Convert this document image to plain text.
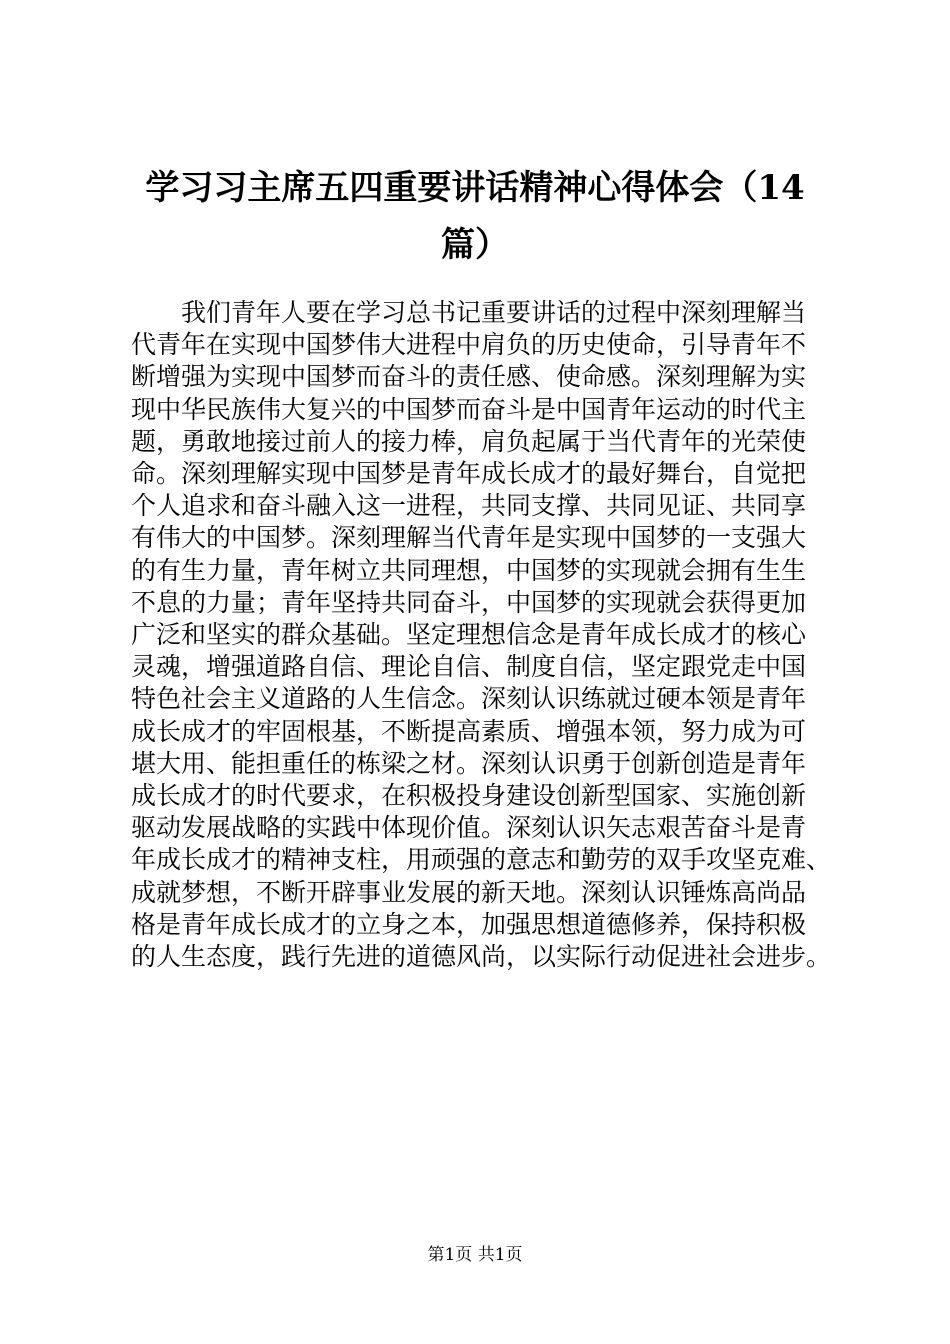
学习习主席五四重要讲话精神心得体会（14
篇）
我们青年人要在学习总书记重要讲话的过程中深刻理解当
代青年在实现中国梦伟大进程中肩负的历史使命，引导青年不
断增强为实现中国梦而奋斗的责任感、使命感。深刻理解为实
现中华民族伟大复兴的中国梦而奋斗是中国青年运动的时代主
题，勇敢地接过前人的接力棒，肩负起属于当代青年的光荣使
命。深刻理解实现中国梦是青年成长成才的最好舞台，自觉把
个人追求和奋斗融入这一进程，共同支撑、共同见证、共同享
有伟大的中国梦。深刻理解当代青年是实现中国梦的一支强大
的有生力量，青年树立共同理想，中国梦的实现就会拥有生生
不息的力量；青年坚持共同奋斗，中国梦的实现就会获得更加
广泛和坚实的群众基础。坚定理想信念是青年成长成才的核心
灵魂，增强道路自信、理论自信、制度自信，坚定跟党走中国
特色社会主义道路的人生信念。深刻认识练就过硬本领是青年
成长成才的牢固根基，不断提高素质、增强本领，努力成为可
堪大用、能担重任的栋梁之材。深刻认识勇于创新创造是青年
成长成才的时代要求，在积极投身建设创新型国家、实施创新
驱动发展战略的实践中体现价值。深刻认识矢志艰苦奋斗是青
年成长成才的精神支柱，用顽强的意志和勤劳的双手攻坚克难、
成就梦想，不断开辟事业发展的新天地。深刻认识锤炼高尚品
格是青年成长成才的立身之本，加强思想道德修养，保持积极
的人生态度，践行先进的道德风尚，以实际行动促进社会进步。
第1页 共1页
